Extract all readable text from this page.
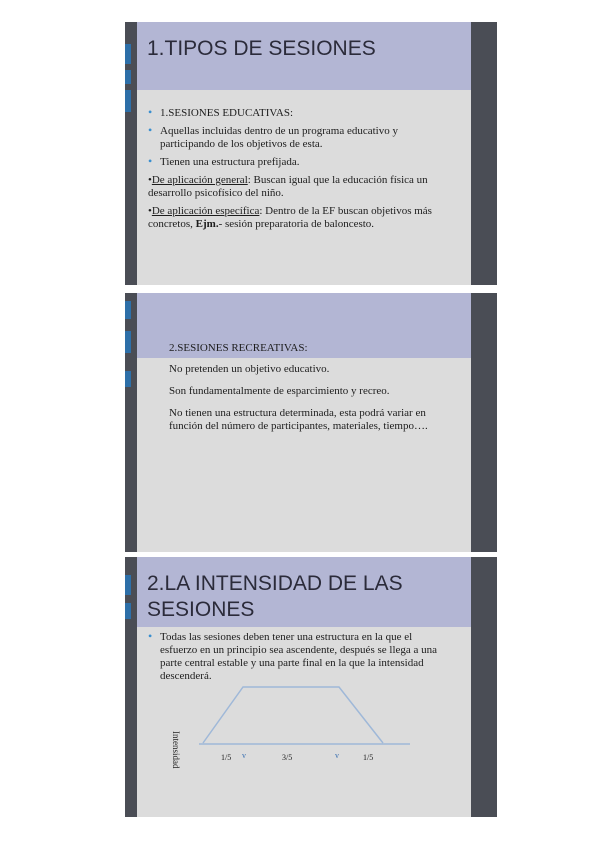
1.TIPOS DE SESIONES
• 1.SESIONES EDUCATIVAS:
• Aquellas incluidas dentro de un programa educativo y participando de los objetivos de esta.
• Tienen una estructura prefijada.
• De aplicación general: Buscan igual que la educación física un desarrollo psicofísico del niño.
• De aplicación específica: Dentro de la EF buscan objetivos más concretos, Ejm.- sesión preparatoria de baloncesto.
2.SESIONES RECREATIVAS:
No pretenden un objetivo educativo.
Son fundamentalmente de esparcimiento y recreo.
No tienen una estructura determinada, esta podrá variar en función del número de participantes, materiales, tiempo….
2.LA INTENSIDAD DE LAS SESIONES
• Todas las sesiones deben tener una estructura en la que el esfuerzo en un principio sea ascendente, después se llega a una parte central estable y una parte final en la que la intensidad descenderá.
Intensidad	1/5 v	3/5	v	1/5
